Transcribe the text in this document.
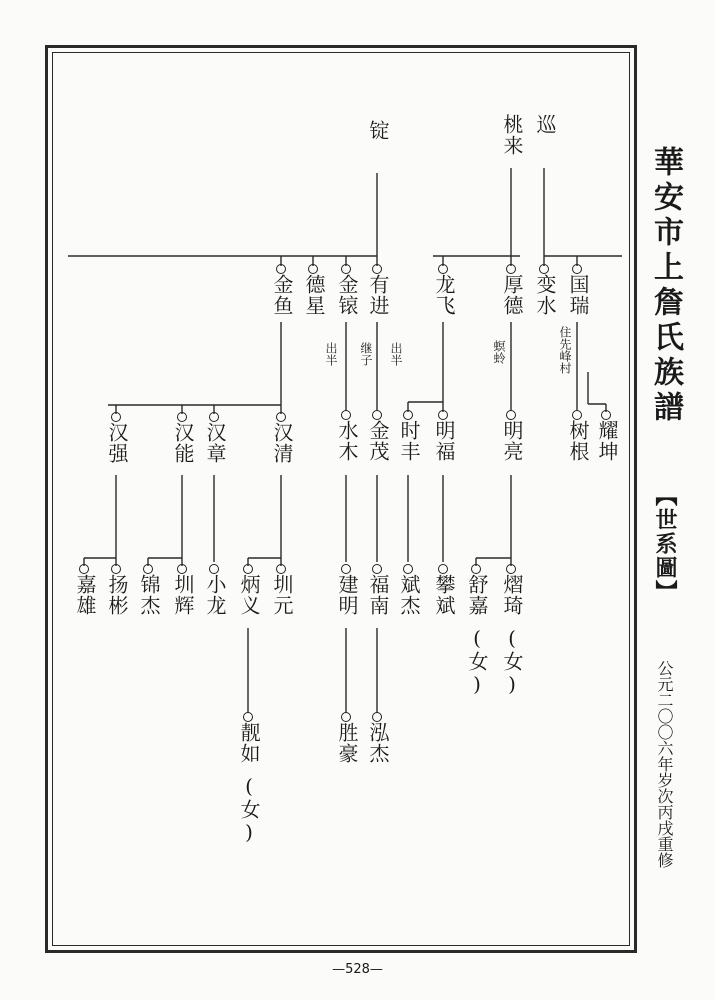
華安市上詹氏族譜
【世系圖】
公元二〇〇六年岁次丙戌重修
巡
桃来
锭
国瑞
住先峰村
变水
厚德
螟蛉
龙飞
有进
出半
金锿
出半
德星
金鱼
耀坤
树根
明亮
明福
时丰
金茂
继子
水木
汉清
汉章
汉能
汉强
熠琦
(女)
舒嘉
(女)
攀斌
斌杰
福南
建明
圳元
炳义
小龙
圳辉
锦杰
扬彬
嘉雄
泓杰
胜豪
靓如
(女)
—528—
